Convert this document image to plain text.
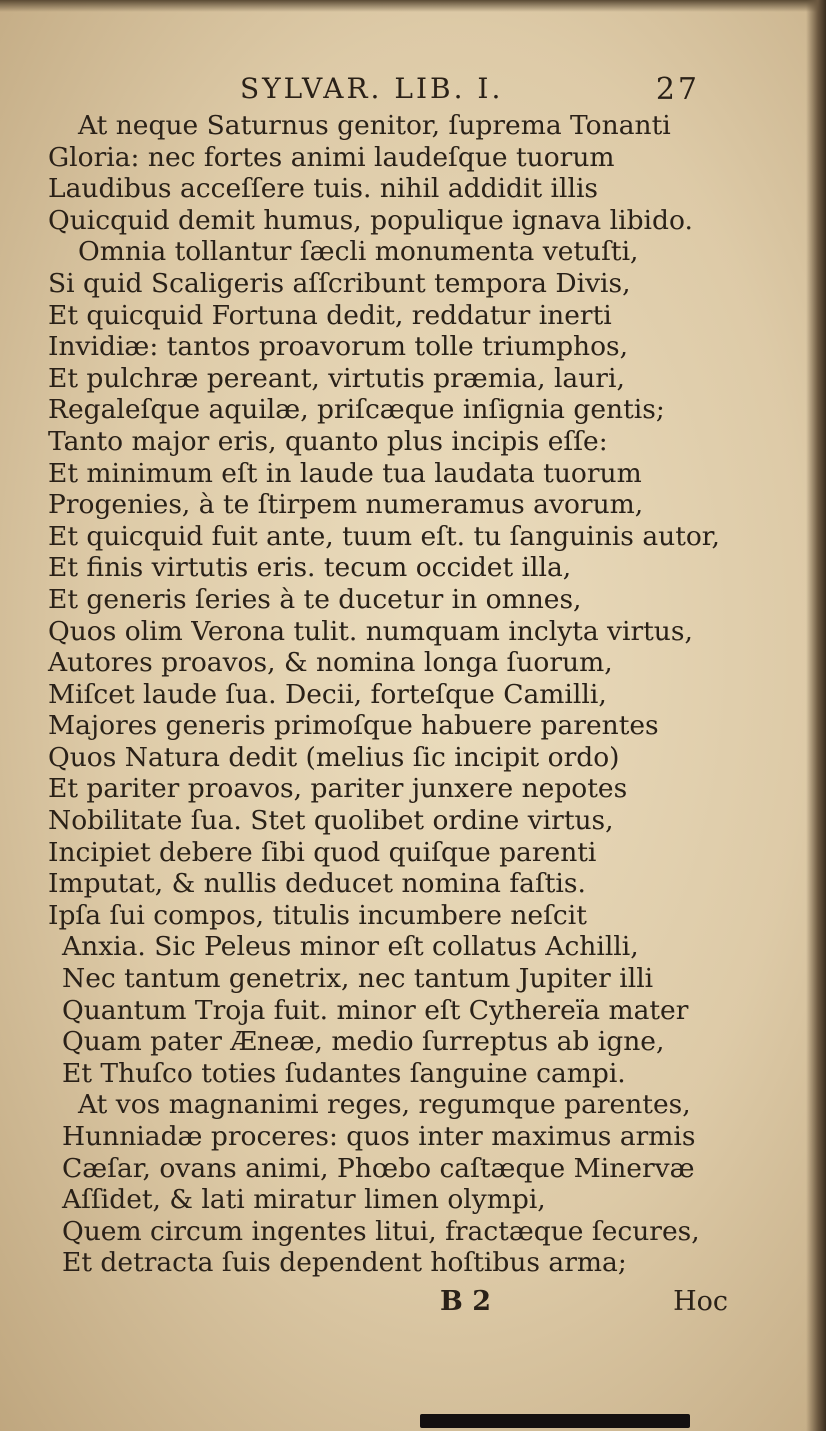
SYLVAR. LIB. I.	27
At neque Saturnus genitor, ſuprema Tonanti
Gloria: nec fortes animi laudeſque tuorum
Laudibus acceſſere tuis. nihil addidit illis
Quicquid demit humus, populique ignava libido.
Omnia tollantur ſæcli monumenta vetuſti,
Si quid Scaligeris aſſcribunt tempora Divis,
Et quicquid Fortuna dedit, reddatur inerti
Invidiæ: tantos proavorum tolle triumphos,
Et pulchræ pereant, virtutis præmia, lauri,
Regaleſque aquilæ, priſcæque inſignia gentis;
Tanto major eris, quanto plus incipis eſſe:
Et minimum eſt in laude tua laudata tuorum
Progenies, à te ſtirpem numeramus avorum,
Et quicquid fuit ante, tuum eſt. tu ſanguinis autor,
Et finis virtutis eris. tecum occidet illa,
Et generis ſeries à te ducetur in omnes,
Quos olim Verona tulit. numquam inclyta virtus,
Autores proavos, & nomina longa ſuorum,
Miſcet laude ſua. Decii, forteſque Camilli,
Majores generis primoſque habuere parentes
Quos Natura dedit (melius ſic incipit ordo)
Et pariter proavos, pariter junxere nepotes
Nobilitate ſua. Stet quolibet ordine virtus,
Incipiet debere ſibi quod quiſque parenti
Imputat, & nullis deducet nomina faſtis.
Ipſa ſui compos, titulis incumbere neſcit
Anxia. Sic Peleus minor eſt collatus Achilli,
Nec tantum genetrix, nec tantum Jupiter illi
Quantum Troja fuit. minor eſt Cythereïa mater
Quam pater Æneæ, medio ſurreptus ab igne,
Et Thuſco toties ſudantes ſanguine campi.
At vos magnanimi reges, regumque parentes,
Hunniadæ proceres: quos inter maximus armis
Cæſar, ovans animi, Phœbo caſtæque Minervæ
Aſſidet, & lati miratur limen olympi,
Quem circum ingentes litui, fractæque ſecures,
Et detracta ſuis dependent hoſtibus arma;
B 2	Hoc
